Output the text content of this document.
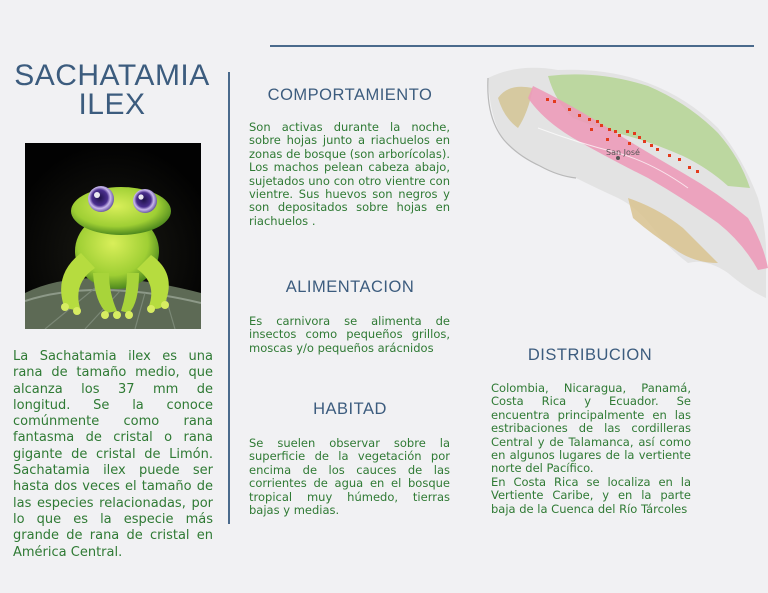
SACHATAMIA
ILEX

La Sachatamia ilex es una rana de tamaño medio, que alcanza los 37 mm de longitud. Se la conoce comúnmente como rana fantasma de cristal o rana gigante de cristal de Limón. Sachatamia ilex puede ser hasta dos veces el tamaño de las especies relacionadas, por lo que es la especie más grande de rana de cristal en América Central.

COMPORTAMIENTO

Son activas durante la noche, sobre hojas junto a riachuelos en zonas de bosque (son arborícolas). Los machos pelean cabeza abajo, sujetados uno con otro vientre con vientre. Sus huevos son negros y son depositados sobre hojas en riachuelos .

ALIMENTACION

Es carnivora se alimenta de insectos como pequeños grillos, moscas y/o pequeños arácnidos

HABITAD

Se suelen observar sobre la superficie de la vegetación por encima de los cauces de las corrientes de agua en el bosque tropical muy húmedo, tierras bajas y medias.

DISTRIBUCION
Colombia, Nicaragua, Panamá, Costa Rica y Ecuador. Se encuentra principalmente en las estribaciones de las cordilleras Central y de Talamanca, así como en algunos lugares de la vertiente norte del Pacífico.
En Costa Rica se localiza en la Vertiente Caribe, y en la parte baja de la Cuenca del Río Tárcoles
San José
